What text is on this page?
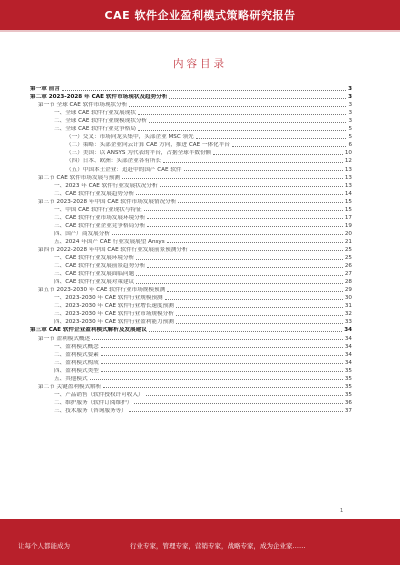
CAE 软件企业盈利模式策略研究报告
内容目录
第一章 前言	3
第二章 2023-2028 年 CAE 软件市场现状及趋势分析	3
第一节 全球 CAE 软件市场现状分析	3
一、全球 CAE 软件行业发展现状	3
二、全球 CAE 软件行业规模现状分析	3
三、全球 CAE 软件行业竞争格局	5
（一）交叉：市场向龙头集中，头部企业 MSC 领先	5
（二）策略：头部企业向云计算 CAE 方向，推进 CAE 一体化平台	6
（三）美国：以 ANSYS 为代表的平台，占据全球半数份额	10
（四）日本、欧洲：头部企业各有所长	12
（五）中国本土企业：追赶中的国产 CAE 软件	13
第二节 CAE 软件市场发展与预测	13
一、2023 年 CAE 软件行业发展状况分析	13
二、CAE 软件行业发展趋势分析	14
第三节 2023-2028 年中国 CAE 软件市场发展情况分析	15
一、中国 CAE 软件行业现状与特征	15
二、CAE 软件行业市场发展环境分析	17
三、CAE 软件行业企业竞争格局分析	19
四、国产厂商发展分析	20
五、2024 年国产 CAE 行业发展展望 Ansys	21
第四节 2022-2028 年中国 CAE 软件行业发展前景预测分析	25
一、CAE 软件行业发展环境分析	25
二、CAE 软件行业发展前景趋势分析	26
三、CAE 软件行业发展面临问题	27
四、CAE 软件行业发展对策建议	28
第五节 2023-2030 年 CAE 软件行业市场规模预测	29
一、2023-2030 年 CAE 软件行业规模预测	30
二、2023-2030 年 CAE 软件行业增长速度预测	31
三、2023-2030 年 CAE 软件行业市场规模分析	32
四、2023-2030 年 CAE 软件行业盈利能力预测	33
第三章 CAE 软件企业盈利模式解析及发展建议	34
第一节 盈利模式概述	34
一、盈利模式概念	34
二、盈利模式要素	34
三、盈利模式构成	34
四、盈利模式类型	35
五、其他模式	35
第二节 关键盈利模式解析	35
一、产品销售（软件授权许可收入）	35
二、维护服务（软件订阅维护）	36
三、技术服务（咨询服务等）	37
1
让每个人都能成为	行业专家，管理专家，营销专家，战略专家，成为企业家……
